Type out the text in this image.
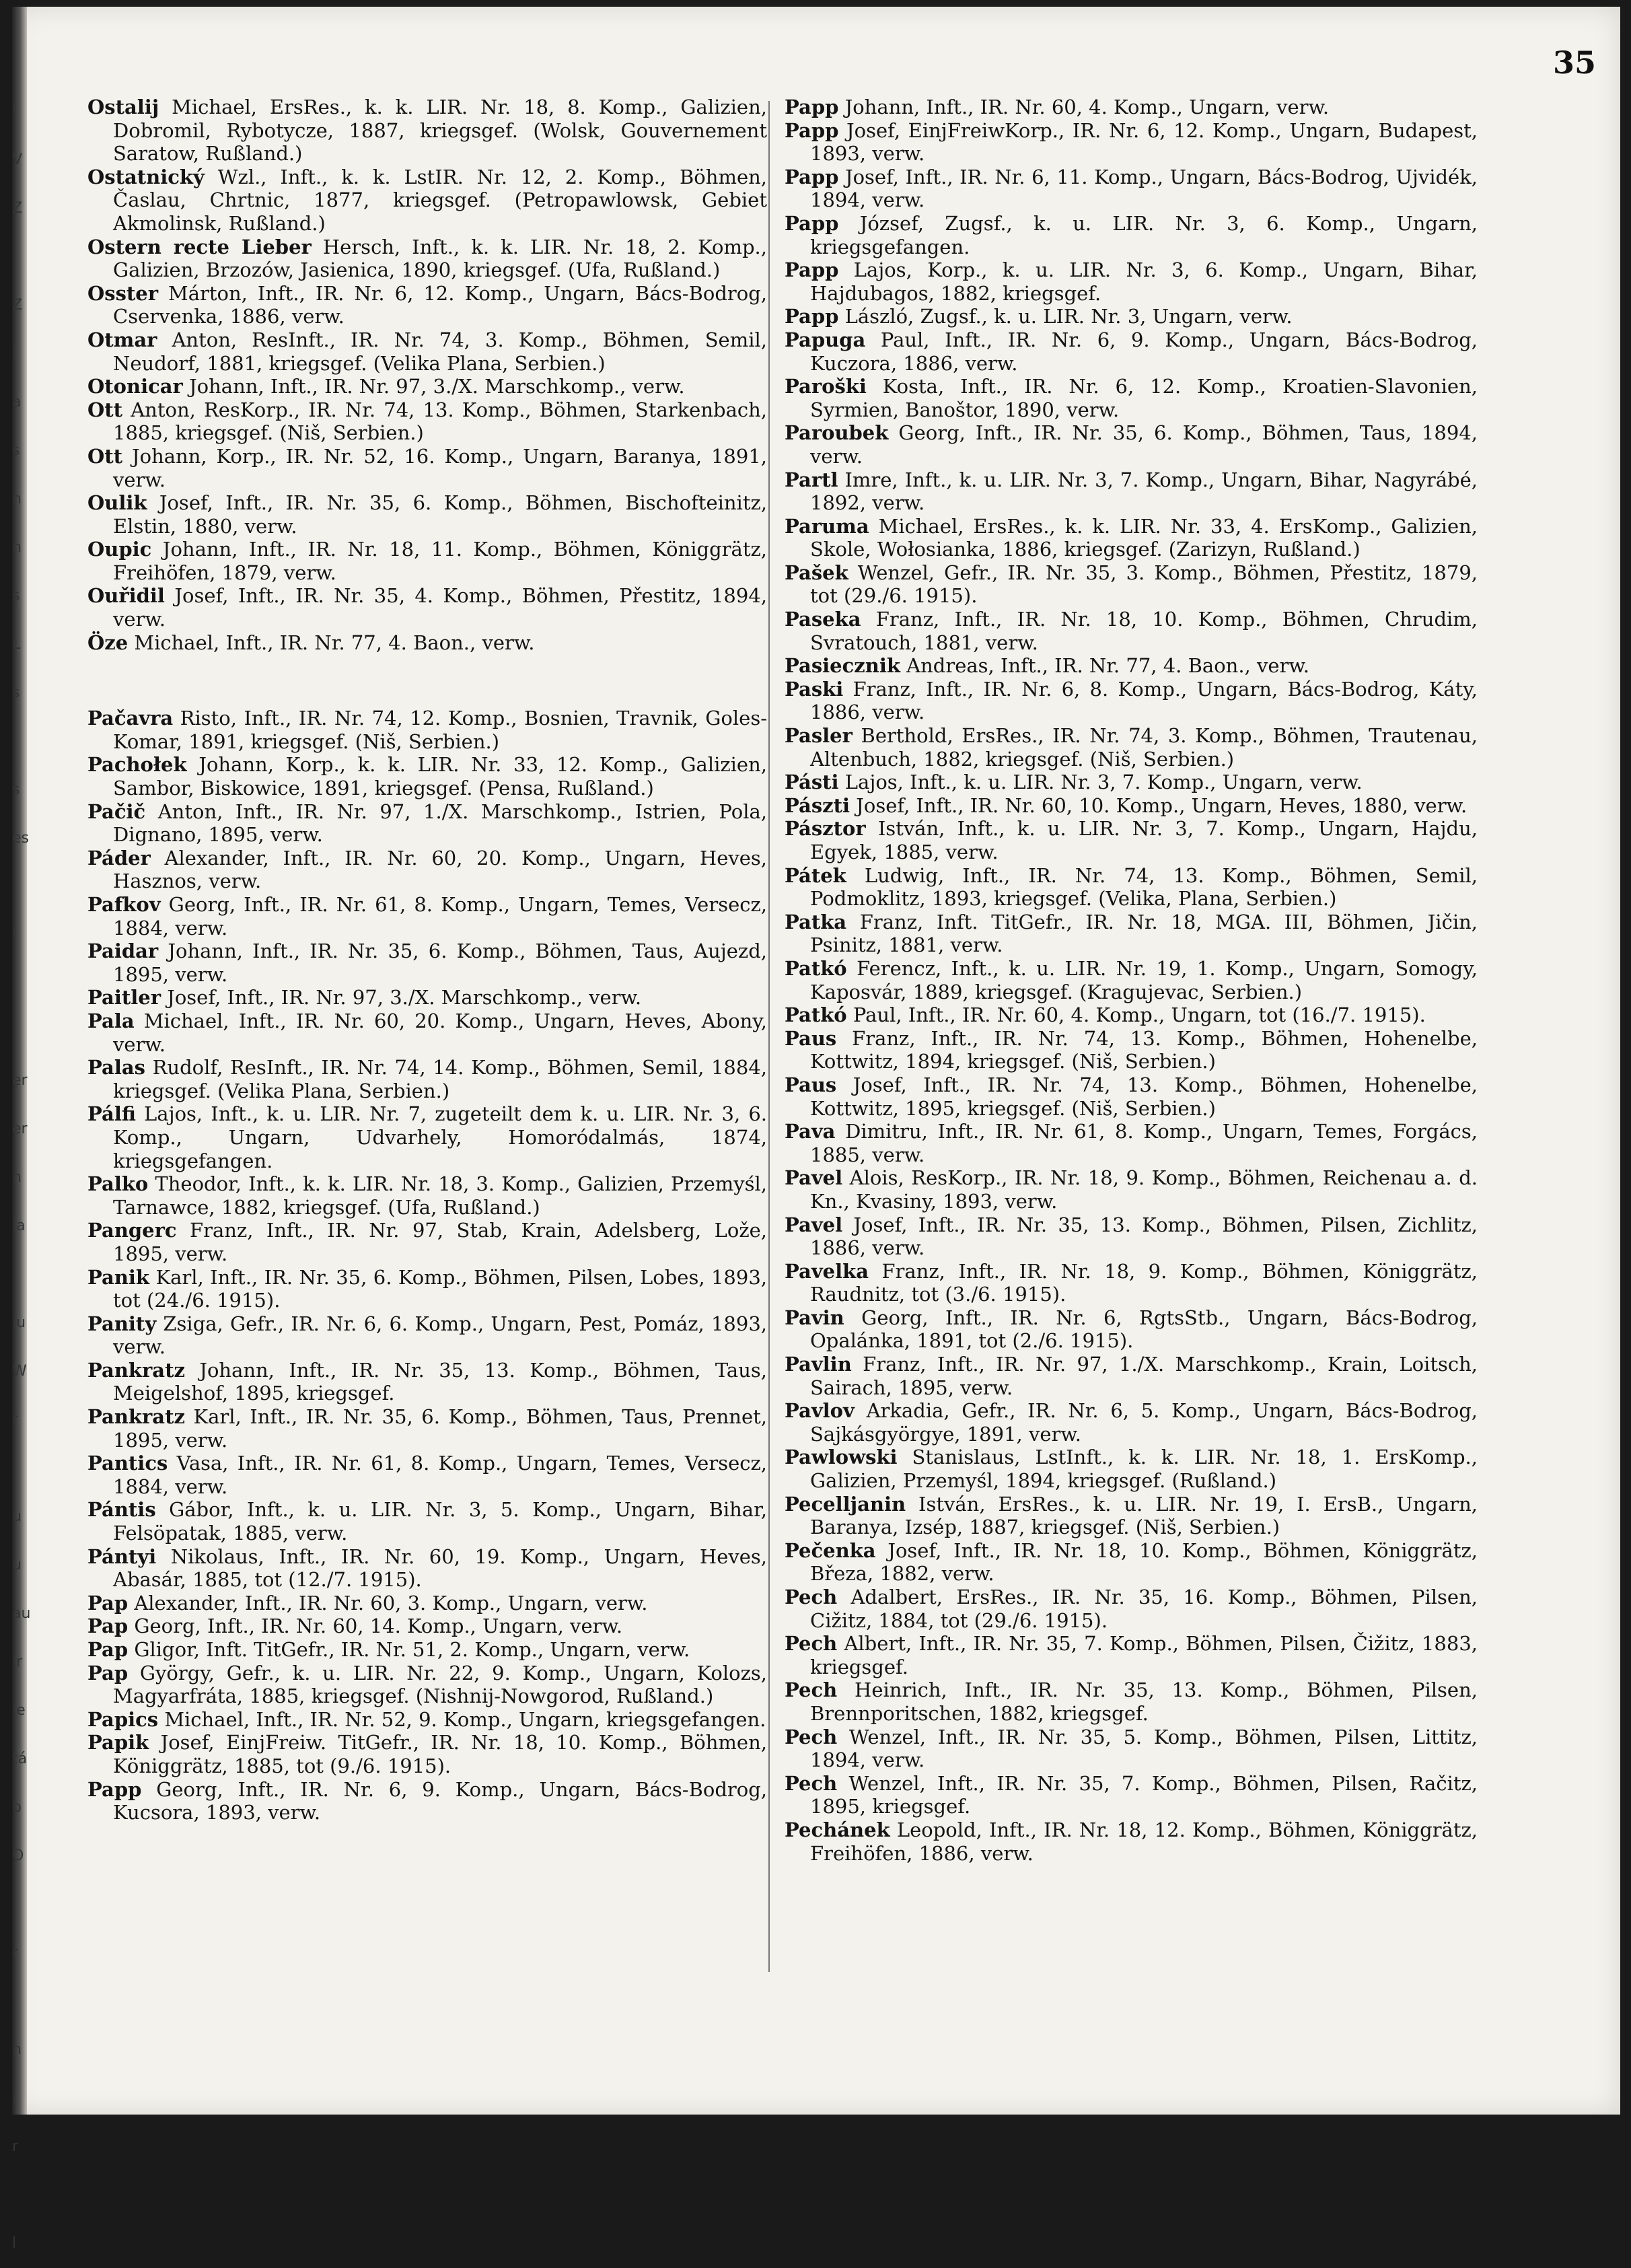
I
V
Z

Z
I
a
s
n
n
s
L
s

s
es

I

er
er
n
la

lu
W
r

u
u
au
ir
ie
tá
b
O

r

n
I
r

l
35

Ostalij Michael, ErsRes., k. k. LIR. Nr. 18, 8. Komp., Galizien, Dobromil, Rybotycze, 1887, kriegsgef. (Wolsk, Gouvernement Saratow, Rußland.)

Ostatnický Wzl., Inft., k. k. LstIR. Nr. 12, 2. Komp., Böhmen, Časlau, Chrtnic, 1877, kriegsgef. (Petropawlowsk, Gebiet Akmolinsk, Rußland.)

Ostern recte Lieber Hersch, Inft., k. k. LIR. Nr. 18, 2. Komp., Galizien, Brzozów, Jasienica, 1890, kriegsgef. (Ufa, Rußland.)

Osster Márton, Inft., IR. Nr. 6, 12. Komp., Ungarn, Bács-Bodrog, Cservenka, 1886, verw.

Otmar Anton, ResInft., IR. Nr. 74, 3. Komp., Böhmen, Semil, Neudorf, 1881, kriegsgef. (Velika Plana, Serbien.)

Otonicar Johann, Inft., IR. Nr. 97, 3./X. Marschkomp., verw.

Ott Anton, ResKorp., IR. Nr. 74, 13. Komp., Böhmen, Starkenbach, 1885, kriegsgef. (Niš, Serbien.)

Ott Johann, Korp., IR. Nr. 52, 16. Komp., Ungarn, Baranya, 1891, verw.

Oulik Josef, Inft., IR. Nr. 35, 6. Komp., Böhmen, Bischofteinitz, Elstin, 1880, verw.

Oupic Johann, Inft., IR. Nr. 18, 11. Komp., Böhmen, Königgrätz, Freihöfen, 1879, verw.

Ouřidil Josef, Inft., IR. Nr. 35, 4. Komp., Böhmen, Přestitz, 1894, verw.

Öze Michael, Inft., IR. Nr. 77, 4. Baon., verw.

Pačavra Risto, Inft., IR. Nr. 74, 12. Komp., Bosnien, Travnik, Goles-Komar, 1891, kriegsgef. (Niš, Serbien.)

Pachołek Johann, Korp., k. k. LIR. Nr. 33, 12. Komp., Galizien, Sambor, Biskowice, 1891, kriegsgef. (Pensa, Rußland.)

Pačič Anton, Inft., IR. Nr. 97, 1./X. Marschkomp., Istrien, Pola, Dignano, 1895, verw.

Páder Alexander, Inft., IR. Nr. 60, 20. Komp., Ungarn, Heves, Hasznos, verw.

Pafkov Georg, Inft., IR. Nr. 61, 8. Komp., Ungarn, Temes, Versecz, 1884, verw.

Paidar Johann, Inft., IR. Nr. 35, 6. Komp., Böhmen, Taus, Aujezd, 1895, verw.

Paitler Josef, Inft., IR. Nr. 97, 3./X. Marschkomp., verw.

Pala Michael, Inft., IR. Nr. 60, 20. Komp., Ungarn, Heves, Abony, verw.

Palas Rudolf, ResInft., IR. Nr. 74, 14. Komp., Böhmen, Semil, 1884, kriegsgef. (Velika Plana, Serbien.)

Pálfi Lajos, Inft., k. u. LIR. Nr. 7, zugeteilt dem k. u. LIR. Nr. 3, 6. Komp., Ungarn, Udvarhely, Homoródalmás, 1874, kriegsgefangen.

Palko Theodor, Inft., k. k. LIR. Nr. 18, 3. Komp., Galizien, Przemyśl, Tarnawce, 1882, kriegsgef. (Ufa, Rußland.)

Pangerc Franz, Inft., IR. Nr. 97, Stab, Krain, Adelsberg, Lože, 1895, verw.

Panik Karl, Inft., IR. Nr. 35, 6. Komp., Böhmen, Pilsen, Lobes, 1893, tot (24./6. 1915).

Panity Zsiga, Gefr., IR. Nr. 6, 6. Komp., Ungarn, Pest, Pomáz, 1893, verw.

Pankratz Johann, Inft., IR. Nr. 35, 13. Komp., Böhmen, Taus, Meigelshof, 1895, kriegsgef.

Pankratz Karl, Inft., IR. Nr. 35, 6. Komp., Böhmen, Taus, Prennet, 1895, verw.

Pantics Vasa, Inft., IR. Nr. 61, 8. Komp., Ungarn, Temes, Versecz, 1884, verw.

Pántis Gábor, Inft., k. u. LIR. Nr. 3, 5. Komp., Ungarn, Bihar, Felsöpatak, 1885, verw.

Pántyi Nikolaus, Inft., IR. Nr. 60, 19. Komp., Ungarn, Heves, Abasár, 1885, tot (12./7. 1915).

Pap Alexander, Inft., IR. Nr. 60, 3. Komp., Ungarn, verw.

Pap Georg, Inft., IR. Nr. 60, 14. Komp., Ungarn, verw.

Pap Gligor, Inft. TitGefr., IR. Nr. 51, 2. Komp., Ungarn, verw.

Pap György, Gefr., k. u. LIR. Nr. 22, 9. Komp., Ungarn, Kolozs, Magyarfráta, 1885, kriegsgef. (Nishnij-Nowgorod, Rußland.)

Papics Michael, Inft., IR. Nr. 52, 9. Komp., Ungarn, kriegsgefangen.

Papik Josef, EinjFreiw. TitGefr., IR. Nr. 18, 10. Komp., Böhmen, Königgrätz, 1885, tot (9./6. 1915).

Papp Georg, Inft., IR. Nr. 6, 9. Komp., Ungarn, Bács-Bodrog, Kucsora, 1893, verw.

Papp Johann, Inft., IR. Nr. 60, 4. Komp., Ungarn, verw.

Papp Josef, EinjFreiwKorp., IR. Nr. 6, 12. Komp., Ungarn, Budapest, 1893, verw.

Papp Josef, Inft., IR. Nr. 6, 11. Komp., Ungarn, Bács-Bodrog, Ujvidék, 1894, verw.

Papp József, Zugsf., k. u. LIR. Nr. 3, 6. Komp., Ungarn, kriegsgefangen.

Papp Lajos, Korp., k. u. LIR. Nr. 3, 6. Komp., Ungarn, Bihar, Hajdubagos, 1882, kriegsgef.

Papp László, Zugsf., k. u. LIR. Nr. 3, Ungarn, verw.

Papuga Paul, Inft., IR. Nr. 6, 9. Komp., Ungarn, Bács-Bodrog, Kuczora, 1886, verw.

Paroški Kosta, Inft., IR. Nr. 6, 12. Komp., Kroatien-Slavonien, Syrmien, Banoštor, 1890, verw.

Paroubek Georg, Inft., IR. Nr. 35, 6. Komp., Böhmen, Taus, 1894, verw.

Partl Imre, Inft., k. u. LIR. Nr. 3, 7. Komp., Ungarn, Bihar, Nagyrábé, 1892, verw.

Paruma Michael, ErsRes., k. k. LIR. Nr. 33, 4. ErsKomp., Galizien, Skole, Wołosianka, 1886, kriegsgef. (Zarizyn, Rußland.)

Pašek Wenzel, Gefr., IR. Nr. 35, 3. Komp., Böhmen, Přestitz, 1879, tot (29./6. 1915).

Paseka Franz, Inft., IR. Nr. 18, 10. Komp., Böhmen, Chrudim, Svratouch, 1881, verw.

Pasiecznik Andreas, Inft., IR. Nr. 77, 4. Baon., verw.

Paski Franz, Inft., IR. Nr. 6, 8. Komp., Ungarn, Bács-Bodrog, Káty, 1886, verw.

Pasler Berthold, ErsRes., IR. Nr. 74, 3. Komp., Böhmen, Trautenau, Altenbuch, 1882, kriegsgef. (Niš, Serbien.)

Pásti Lajos, Inft., k. u. LIR. Nr. 3, 7. Komp., Ungarn, verw.

Pászti Josef, Inft., IR. Nr. 60, 10. Komp., Ungarn, Heves, 1880, verw.

Pásztor István, Inft., k. u. LIR. Nr. 3, 7. Komp., Ungarn, Hajdu, Egyek, 1885, verw.

Pátek Ludwig, Inft., IR. Nr. 74, 13. Komp., Böhmen, Semil, Podmoklitz, 1893, kriegsgef. (Velika, Plana, Serbien.)

Patka Franz, Inft. TitGefr., IR. Nr. 18, MGA. III, Böhmen, Jičin, Psinitz, 1881, verw.

Patkó Ferencz, Inft., k. u. LIR. Nr. 19, 1. Komp., Ungarn, Somogy, Kaposvár, 1889, kriegsgef. (Kragujevac, Serbien.)

Patkó Paul, Inft., IR. Nr. 60, 4. Komp., Ungarn, tot (16./7. 1915).

Paus Franz, Inft., IR. Nr. 74, 13. Komp., Böhmen, Hohenelbe, Kottwitz, 1894, kriegsgef. (Niš, Serbien.)

Paus Josef, Inft., IR. Nr. 74, 13. Komp., Böhmen, Hohenelbe, Kottwitz, 1895, kriegsgef. (Niš, Serbien.)

Pava Dimitru, Inft., IR. Nr. 61, 8. Komp., Ungarn, Temes, Forgács, 1885, verw.

Pavel Alois, ResKorp., IR. Nr. 18, 9. Komp., Böhmen, Reichenau a. d. Kn., Kvasiny, 1893, verw.

Pavel Josef, Inft., IR. Nr. 35, 13. Komp., Böhmen, Pilsen, Zichlitz, 1886, verw.

Pavelka Franz, Inft., IR. Nr. 18, 9. Komp., Böhmen, Königgrätz, Raudnitz, tot (3./6. 1915).

Pavin Georg, Inft., IR. Nr. 6, RgtsStb., Ungarn, Bács-Bodrog, Opalánka, 1891, tot (2./6. 1915).

Pavlin Franz, Inft., IR. Nr. 97, 1./X. Marschkomp., Krain, Loitsch, Sairach, 1895, verw.

Pavlov Arkadia, Gefr., IR. Nr. 6, 5. Komp., Ungarn, Bács-Bodrog, Sajkásgyörgye, 1891, verw.

Pawlowski Stanislaus, LstInft., k. k. LIR. Nr. 18, 1. ErsKomp., Galizien, Przemyśl, 1894, kriegsgef. (Rußland.)

Pecelljanin István, ErsRes., k. u. LIR. Nr. 19, I. ErsB., Ungarn, Baranya, Izsép, 1887, kriegsgef. (Niš, Serbien.)

Pečenka Josef, Inft., IR. Nr. 18, 10. Komp., Böhmen, Königgrätz, Březa, 1882, verw.

Pech Adalbert, ErsRes., IR. Nr. 35, 16. Komp., Böhmen, Pilsen, Cižitz, 1884, tot (29./6. 1915).

Pech Albert, Inft., IR. Nr. 35, 7. Komp., Böhmen, Pilsen, Čižitz, 1883, kriegsgef.

Pech Heinrich, Inft., IR. Nr. 35, 13. Komp., Böhmen, Pilsen, Brennporitschen, 1882, kriegsgef.

Pech Wenzel, Inft., IR. Nr. 35, 5. Komp., Böhmen, Pilsen, Littitz, 1894, verw.

Pech Wenzel, Inft., IR. Nr. 35, 7. Komp., Böhmen, Pilsen, Račitz, 1895, kriegsgef.

Pechánek Leopold, Inft., IR. Nr. 18, 12. Komp., Böhmen, Königgrätz, Freihöfen, 1886, verw.
